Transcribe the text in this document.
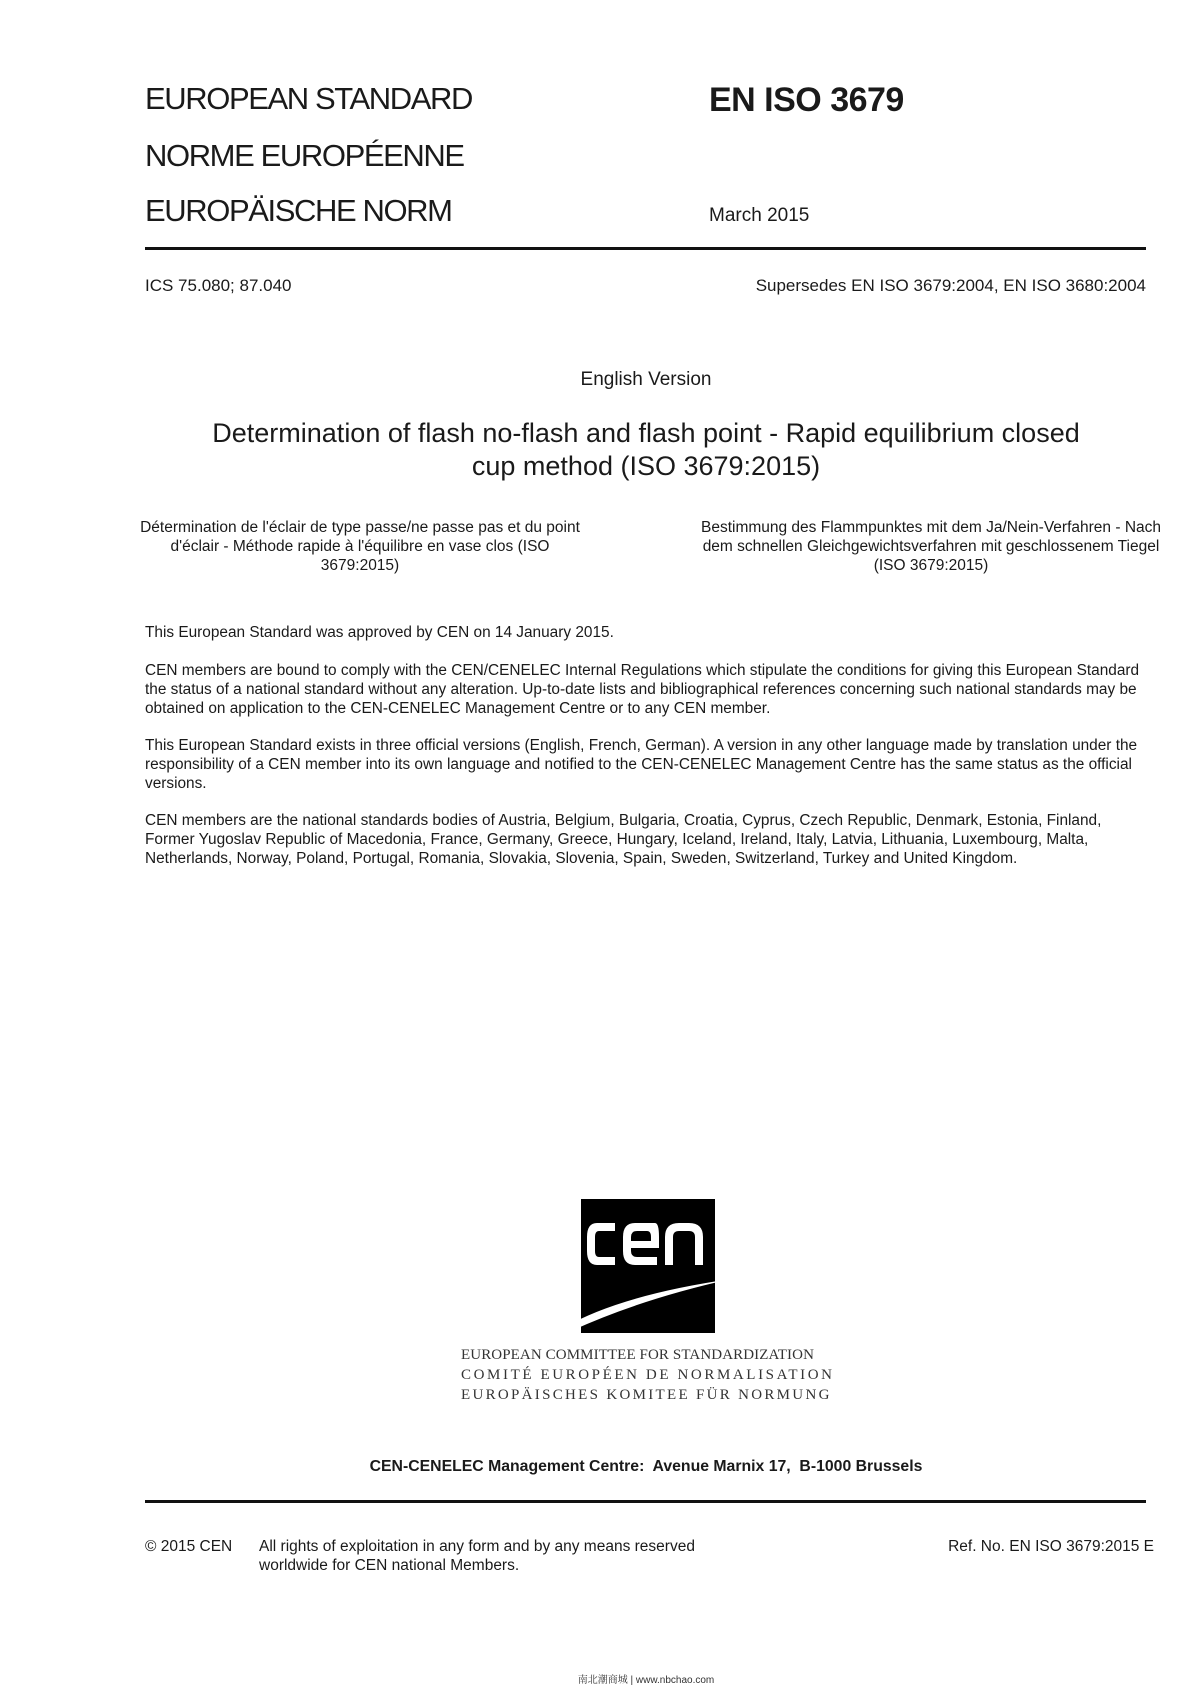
EUROPEAN STANDARD
NORME EUROPÉENNE
EUROPÄISCHE NORM
EN ISO 3679
March 2015
ICS 75.080; 87.040	Supersedes EN ISO 3679:2004, EN ISO 3680:2004
English Version
Determination of flash no-flash and flash point - Rapid equilibrium closed cup method (ISO 3679:2015)
Détermination de l'éclair de type passe/ne passe pas et du point d'éclair - Méthode rapide à l'équilibre en vase clos (ISO 3679:2015)
Bestimmung des Flammpunktes mit dem Ja/Nein-Verfahren - Nach dem schnellen Gleichgewichtsverfahren mit geschlossenem Tiegel (ISO 3679:2015)
This European Standard was approved by CEN on 14 January 2015.
CEN members are bound to comply with the CEN/CENELEC Internal Regulations which stipulate the conditions for giving this European Standard the status of a national standard without any alteration. Up-to-date lists and bibliographical references concerning such national standards may be obtained on application to the CEN-CENELEC Management Centre or to any CEN member.
This European Standard exists in three official versions (English, French, German). A version in any other language made by translation under the responsibility of a CEN member into its own language and notified to the CEN-CENELEC Management Centre has the same status as the official versions.
CEN members are the national standards bodies of Austria, Belgium, Bulgaria, Croatia, Cyprus, Czech Republic, Denmark, Estonia, Finland, Former Yugoslav Republic of Macedonia, France, Germany, Greece, Hungary, Iceland, Ireland, Italy, Latvia, Lithuania, Luxembourg, Malta, Netherlands, Norway, Poland, Portugal, Romania, Slovakia, Slovenia, Spain, Sweden, Switzerland, Turkey and United Kingdom.
EUROPEAN COMMITTEE FOR STANDARDIZATION
COMITÉ EUROPÉEN DE NORMALISATION
EUROPÄISCHES KOMITEE FÜR NORMUNG
CEN-CENELEC Management Centre:  Avenue Marnix 17,  B-1000 Brussels
© 2015 CEN All rights of exploitation in any form and by any means reserved worldwide for CEN national Members.
Ref. No. EN ISO 3679:2015 E
南北潮商城 | www.nbchao.com
